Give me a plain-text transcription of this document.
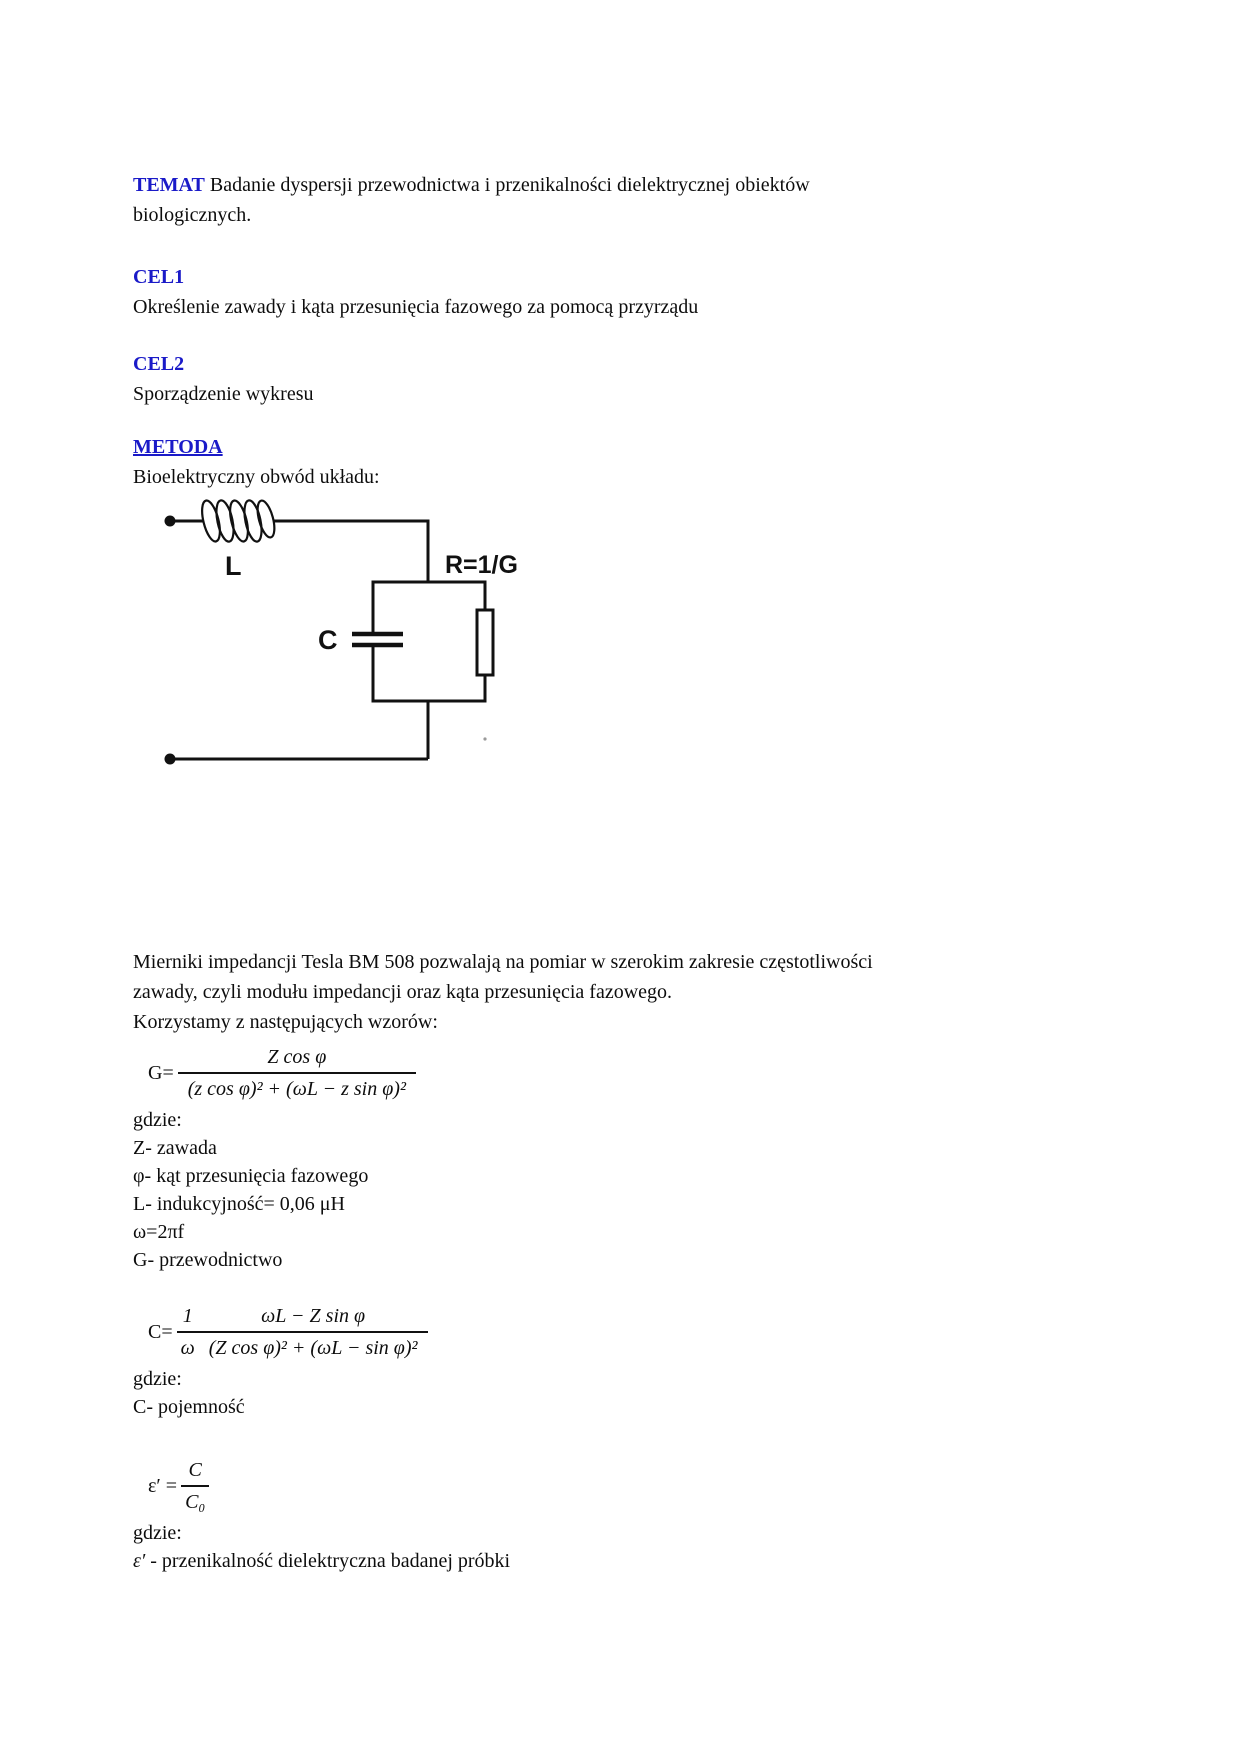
TEMAT Badanie dyspersji przewodnictwa i przenikalności dielektrycznej obiektów
biologicznych.
CEL1
Określenie zawady i kąta przesunięcia fazowego za pomocą przyrządu
CEL2
Sporządzenie wykresu
METODA
Bioelektryczny obwód układu:
L
C
R=1/G
Mierniki impedancji Tesla BM 508 pozwalają na pomiar w szerokim zakresie częstotliwości
zawady, czyli modułu impedancji oraz kąta przesunięcia fazowego.
Korzystamy z następujących wzorów:
$G= \frac{\text{Z cos φ}}{\text{(z cos φ)² + (ωL − z sin φ)²}}$
gdzie:
Z- zawada
φ- kąt przesunięcia fazowego
L- indukcyjność= 0,06 μH
ω=2πf
G- przewodnictwo
$C= \frac{1}{\omega} \frac{\text{ωL − Z sin φ}}{\text{(Z cos φ)² + (ωL − sin φ)²}}$
gdzie:
C- pojemność
$\varepsilon' = \frac{C}{\text{C₀}}$
gdzie:
ε′ - przenikalność dielektryczna badanej próbki
